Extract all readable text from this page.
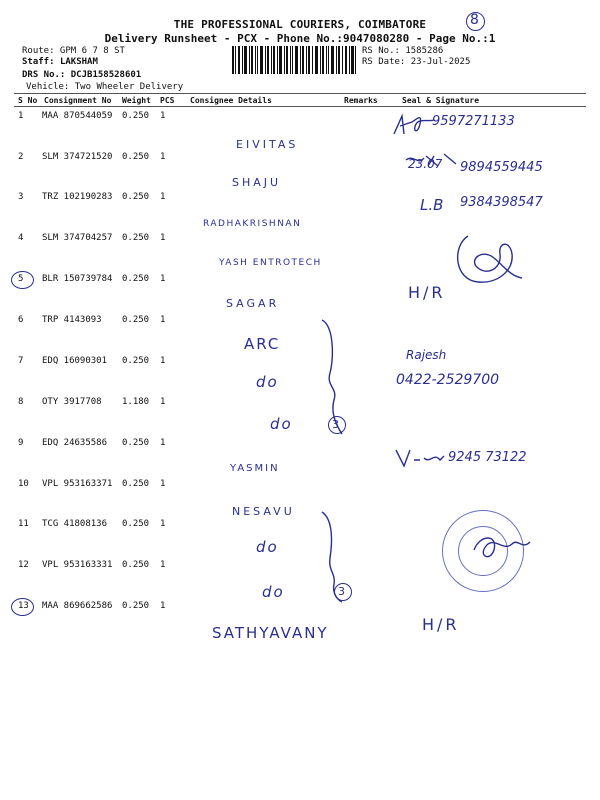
THE PROFESSIONAL COURIERS, COIMBATORE
Delivery Runsheet - PCX - Phone No.:9047080280 - Page No.:1
8
Route: GPM 6 7 8 ST
Staff: LAKSHAM
DRS No.: DCJB158528601
Vehicle: Two Wheeler Delivery
RS No.: 1585286
RS Date: 23-Jul-2025
S No Consignment No Weight PCS Consignee Details	Remarks	Seal & Signature
1 MAA 870544059 0.250 1
2 SLM 374721520 0.250 1
3 TRZ 102190283 0.250 1
4 SLM 374704257 0.250 1
5 BLR 150739784 0.250 1
6 TRP 4143093 0.250 1
7 EDQ 16090301 0.250 1
8 OTY 3917708 1.180 1
9 EDQ 24635586 0.250 1
10 VPL 953163371 0.250 1
11 TCG 41808136 0.250 1
12 VPL 953163331 0.250 1
13 MAA 869662586 0.250 1
EIVITAS
SHAJU
RADHAKRISHNAN
YASH ENTROTECH
SAGAR
ARC
do
do
YASMIN
NESAVU
do
do
SATHYAVANY
3
3
9597271133
23.07 9894559445
L.B 9384398547
H/R
Rajesh
0422-2529700
9245 73122
H/R
